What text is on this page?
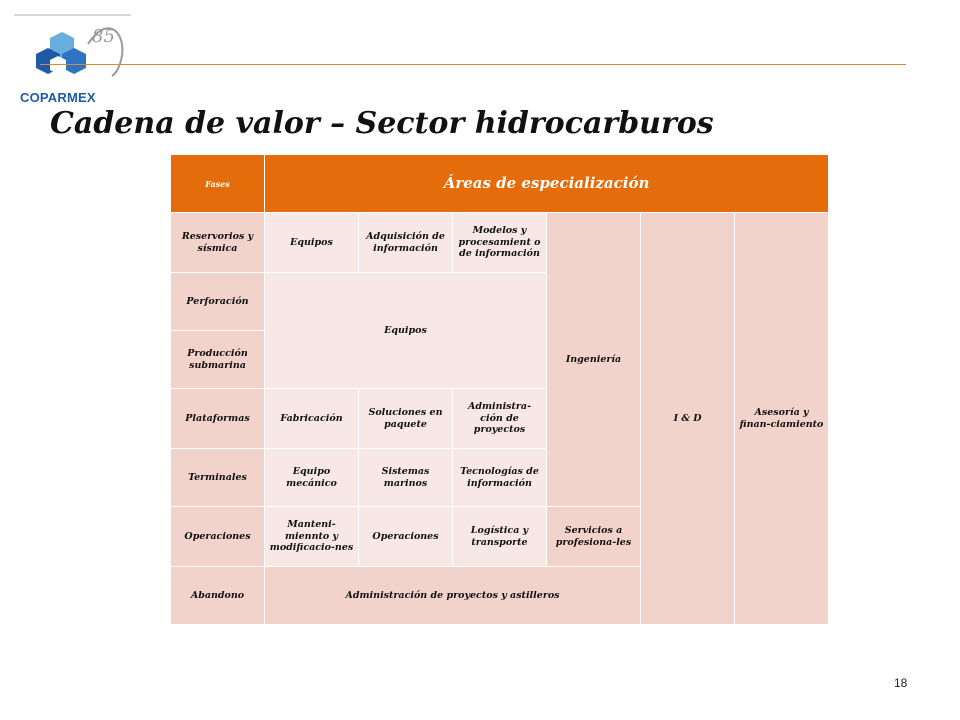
85
COPARMEX
Cadena de valor – Sector hidrocarburos
Fases	Áreas de especialización					
Reservorios y sísmica	Equipos	Adquisición de información	Modelos y procesamient o de información	Ingeniería	I & D	Asesoría y finan-ciamiento
Perforación	Equipos					
Producción submarina						
Plataformas	Fabricación	Soluciones en paquete	Administra-ción de proyectos			
Terminales	Equipo mecánico	Sistemas marinos	Tecnologías de información			
Operaciones	Manteni-miennto y modificacio-nes	Operaciones	Logística y transporte	Servicios a profesiona-les		
Abandono	Administración de proyectos y astilleros					
18
